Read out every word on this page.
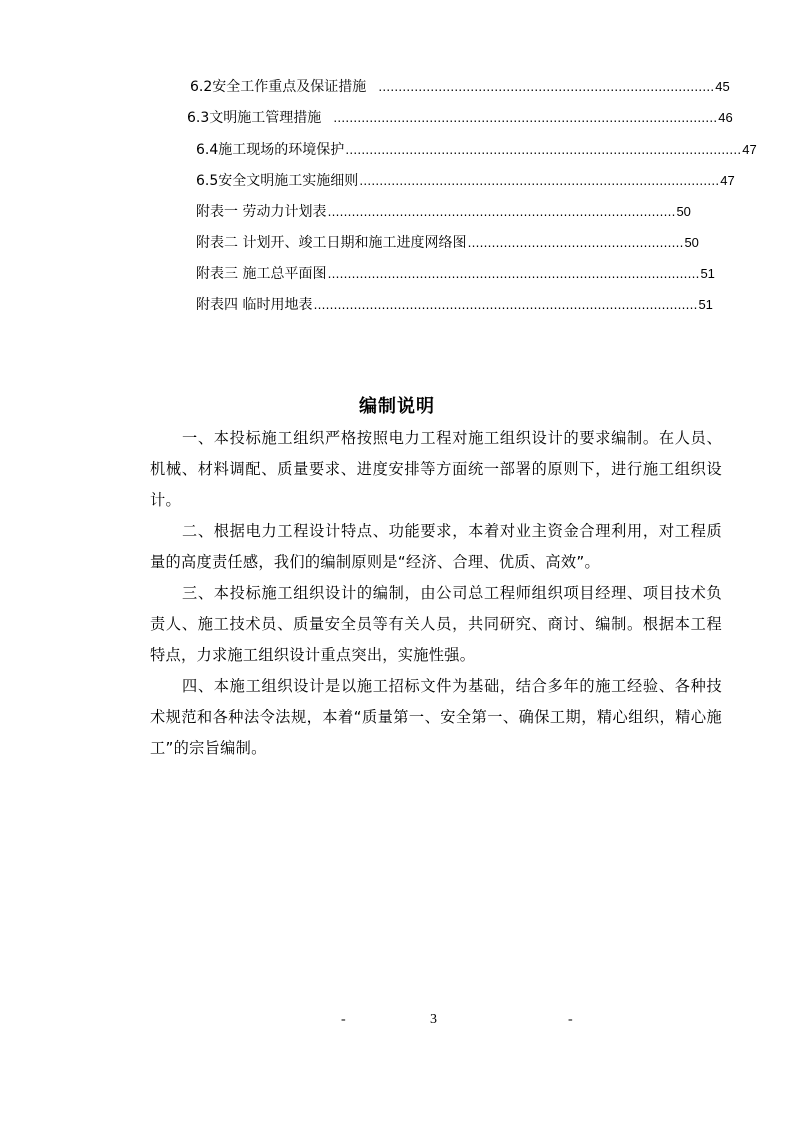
6.2安全工作重点及保证措施 ………………………………………………………………………… 45
6.3文明施工管理措施 …………………………………………………………………………………… 46
6.4施工现场的环境保护 ……………………………………………………………………………………… 47
6.5安全文明施工实施细则 ……………………………………………………………………………… 47
附表一 劳动力计划表 …………………………………………………………………………… 50
附表二 计划开、竣工日期和施工进度网络图 ……………………………………………… 50
附表三 施工总平面图 ………………………………………………………………………………… 51
附表四 临时用地表 …………………………………………………………………………………… 51
编制说明
一、本投标施工组织严格按照电力工程对施工组织设计的要求编制。在人员、机械、材料调配、质量要求、进度安排等方面统一部署的原则下，进行施工组织设计。
二、根据电力工程设计特点、功能要求，本着对业主资金合理利用，对工程质量的高度责任感，我们的编制原则是“经济、合理、优质、高效”。
三、本投标施工组织设计的编制，由公司总工程师组织项目经理、项目技术负责人、施工技术员、质量安全员等有关人员，共同研究、商讨、编制。根据本工程特点，力求施工组织设计重点突出，实施性强。
四、本施工组织设计是以施工招标文件为基础，结合多年的施工经验、各种技术规范和各种法令法规，本着“质量第一、安全第一、确保工期，精心组织，精心施工”的宗旨编制。
-	3	-
